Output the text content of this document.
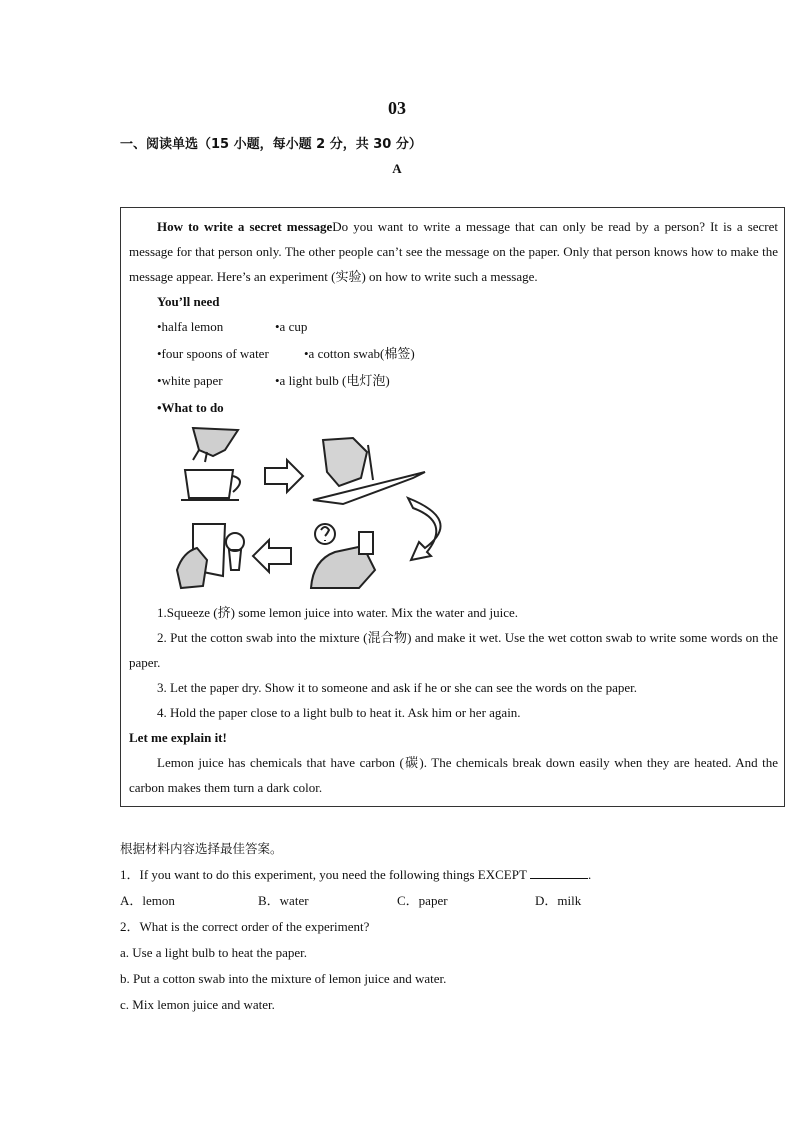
03
一、阅读单选（15 小题，每小题 2 分，共 30 分）
A

How to write a secret messageDo you want to write a message that can only be read by a person? It is a secret message for that person only. The other people can’t see the message on the paper. Only that person knows how to make the message appear. Here’s an experiment (实验) on how to write such a message.

You’ll need
•halfa lemon	•a cup
•four spoons of water	•a cotton swab(棉签)
•white paper	•a light bulb (电灯泡)
•What to do

1.Squeeze (挤) some lemon juice into water. Mix the water and juice.

2. Put the cotton swab into the mixture (混合物) and make it wet. Use the wet cotton swab to write some words on the paper.

3. Let the paper dry. Show it to someone and ask if he or she can see the words on the paper.

4. Hold the paper close to a light bulb to heat it. Ask him or her again.

Let me explain it!

Lemon juice has chemicals that have carbon (碳). The chemicals break down easily when they are heated. And the carbon makes them turn a dark color.

根据材料内容选择最佳答案。
1．If you want to do this experiment, you need the following things EXCEPT	.
A．lemon	B．water	C．paper	D．milk
2．What is the correct order of the experiment?
a. Use a light bulb to heat the paper.
b. Put a cotton swab into the mixture of lemon juice and water.
c. Mix lemon juice and water.
